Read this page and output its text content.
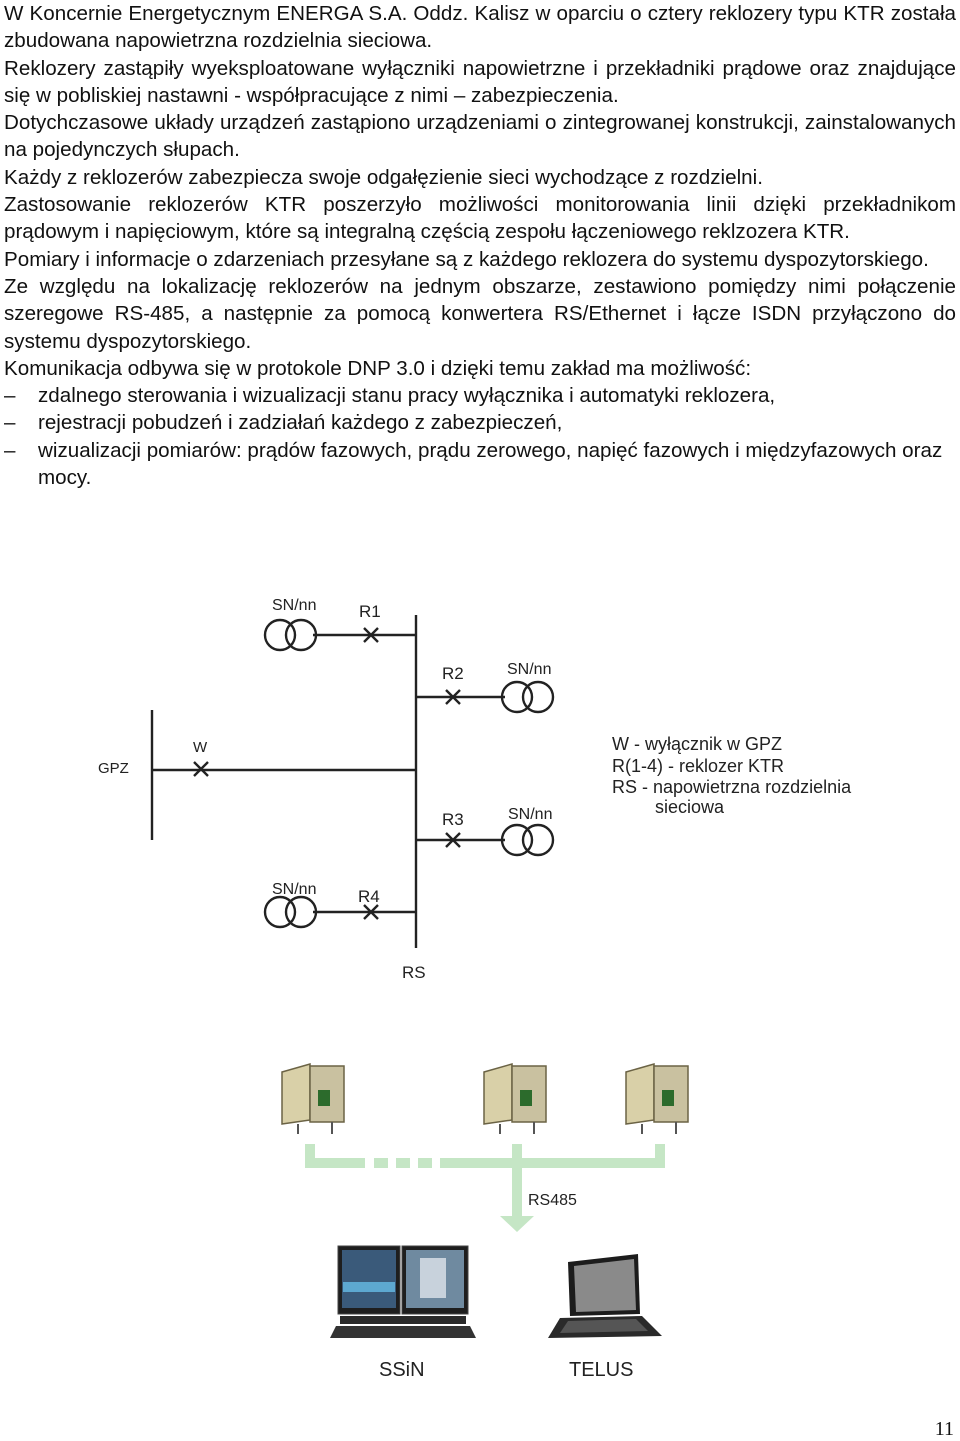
W Koncernie Energetycznym ENERGA S.A. Oddz. Kalisz w oparciu o cztery reklozery typu KTR została zbudowana napowietrzna rozdzielnia sieciowa.

Reklozery zastąpiły wyeksploatowane wyłączniki napowietrzne i przekładniki prądowe oraz znajdujące się w pobliskiej nastawni - współpracujące z nimi – zabezpieczenia.

Dotychczasowe układy urządzeń zastąpiono urządzeniami o zintegrowanej konstrukcji, zainstalowanych na pojedynczych słupach.

Każdy z reklozerów zabezpiecza swoje odgałęzienie sieci wychodzące z rozdzielni.

Zastosowanie reklozerów KTR poszerzyło możliwości monitorowania linii dzięki przekładnikom prądowym i napięciowym, które są integralną częścią zespołu łączeniowego reklzozera KTR.

Pomiary i informacje o zdarzeniach przesyłane są z każdego reklozera do systemu dyspozytorskiego.

Ze względu na lokalizację reklozerów na jednym obszarze, zestawiono pomiędzy nimi połączenie szeregowe RS-485, a następnie za pomocą konwertera RS/Ethernet i łącze ISDN przyłączono do systemu dyspozytorskiego.

Komunikacja odbywa się w protokole DNP 3.0 i dzięki temu zakład ma możliwość:

– zdalnego sterowania i wizualizacji stanu pracy wyłącznika i automatyki reklozera,
– rejestracji pobudzeń i zadziałań każdego z zabezpieczeń,
– wizualizacji pomiarów: prądów fazowych, prądu zerowego, napięć fazowych i międzyfazowych oraz mocy.
SN/nn	R1
R2	SN/nn
W
GPZ
R3	SN/nn
SN/nn R4
RS
W - wyłącznik w GPZ
R(1-4) - reklozer KTR
RS - napowietrzna rozdzielnia
sieciowa
RS485
SSiN	TELUS
11
